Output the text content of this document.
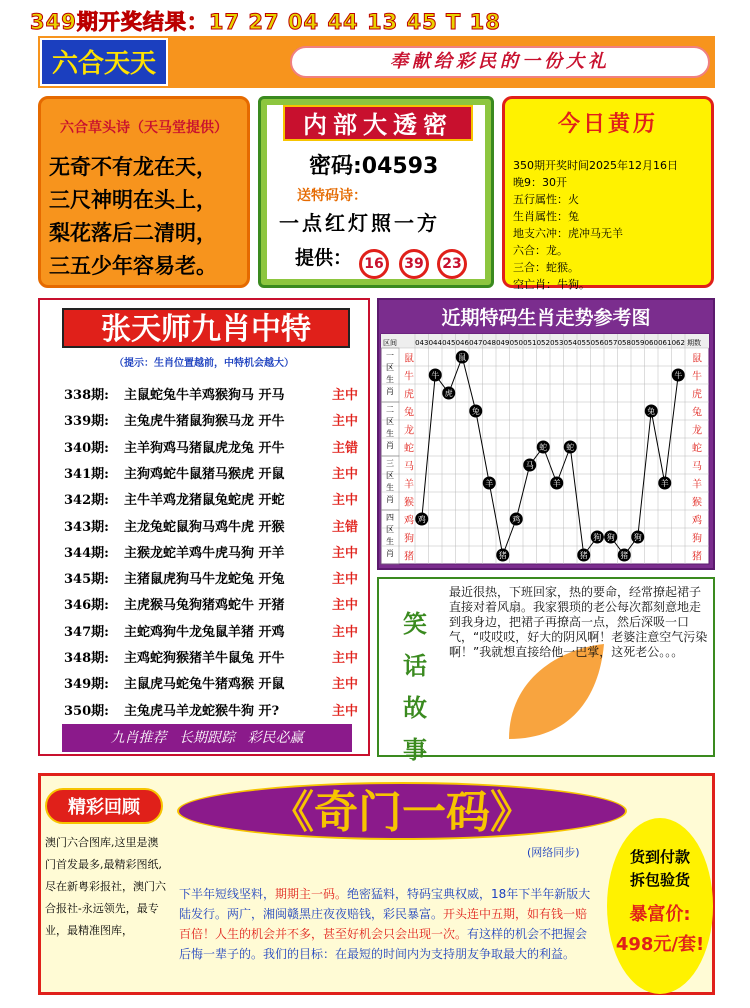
349期开奖结果：17 27 04 44 13 45 T 18
六合天天	奉献给彩民的一份大礼
六合草头诗（天马堂提供）
无奇不有龙在天，
三尺神明在头上，
梨花落后二清明，
三五少年容易老。
内部大透密
密码:04593
送特码诗：
一点红灯照一方
提供： 16	39	23
今日黄历
350期开奖时间2025年12月16日
晚9：30开
五行属性：火
生肖属性：兔
地支六冲：虎冲马无羊
六合：龙。
三合：蛇猴。
空亡肖：牛狗。
张天师九肖中特
（提示：生肖位置越前，中特机会越大）
338期: 主鼠蛇兔牛羊鸡猴狗马 开马	主中
339期: 主兔虎牛猪鼠狗猴马龙 开牛	主中
340期: 主羊狗鸡马猪鼠虎龙兔 开牛	主错
341期: 主狗鸡蛇牛鼠猪马猴虎 开鼠	主中
342期: 主牛羊鸡龙猪鼠兔蛇虎 开蛇	主中
343期: 主龙兔蛇鼠狗马鸡牛虎 开猴	主错
344期: 主猴龙蛇羊鸡牛虎马狗 开羊	主中
345期: 主猪鼠虎狗马牛龙蛇兔 开兔	主中
346期: 主虎猴马兔狗猪鸡蛇牛 开猪	主中
347期: 主蛇鸡狗牛龙兔鼠羊猪 开鸡	主中
348期: 主鸡蛇狗猴猪羊牛鼠兔 开牛	主中
349期: 主鼠虎马蛇兔牛猪鸡猴 开鼠	主中
350期: 主兔虎马羊龙蛇猴牛狗 开?	主中
九肖推荐 长期跟踪 彩民必赢
近期特码生肖走势参考图
区间	043 044 045 046 047 048 049 050 051 052 053 054 055 056 057 058 059 060 061 062 期数
鼠	鼠
牛	牛
虎	虎
兔	兔
龙	龙
蛇	蛇
马	马
羊	羊
猴	猴
鸡	鸡
狗	狗
猪	猪
一
区
生
肖
二
区
生
肖
三
区
生
肖
四
区
生
肖
鸡
牛
虎
鼠
兔
羊
猪
鸡
马
蛇
羊
蛇
猪
狗 狗
猪
狗
兔
羊
牛
笑话故事
最近很热，下班回家，热的要命，经常撩起裙子直接对着风扇。我家猥琐的老公每次都刻意地走到我身边，把裙子再撩高一点，然后深吸一口气，“哎哎哎，好大的阴风啊！老婆注意空气污染啊！”我就想直接给他一巴掌，这死老公。。。
精彩回顾
澳门六合图库,这里是澳门首发最多,最精彩图纸,尽在新粤彩报社，澳门六合报社-永远领先，最专业，最精准图库，
《奇门一码》
(网络同步)
下半年短线坚料，期期主一码。绝密猛料，特码宝典权威，18年下半年新版大陆发行。两广，湘闽赣黑庄夜夜赔钱，彩民暴富。开头连中五期，如有钱一赔百倍！人生的机会并不多，甚至好机会只会出现一次。有这样的机会不把握会后悔一辈子的。我们的目标：在最短的时间内为支持朋友争取最大的利益。
货到付款
拆包验货
暴富价:
498元/套!
